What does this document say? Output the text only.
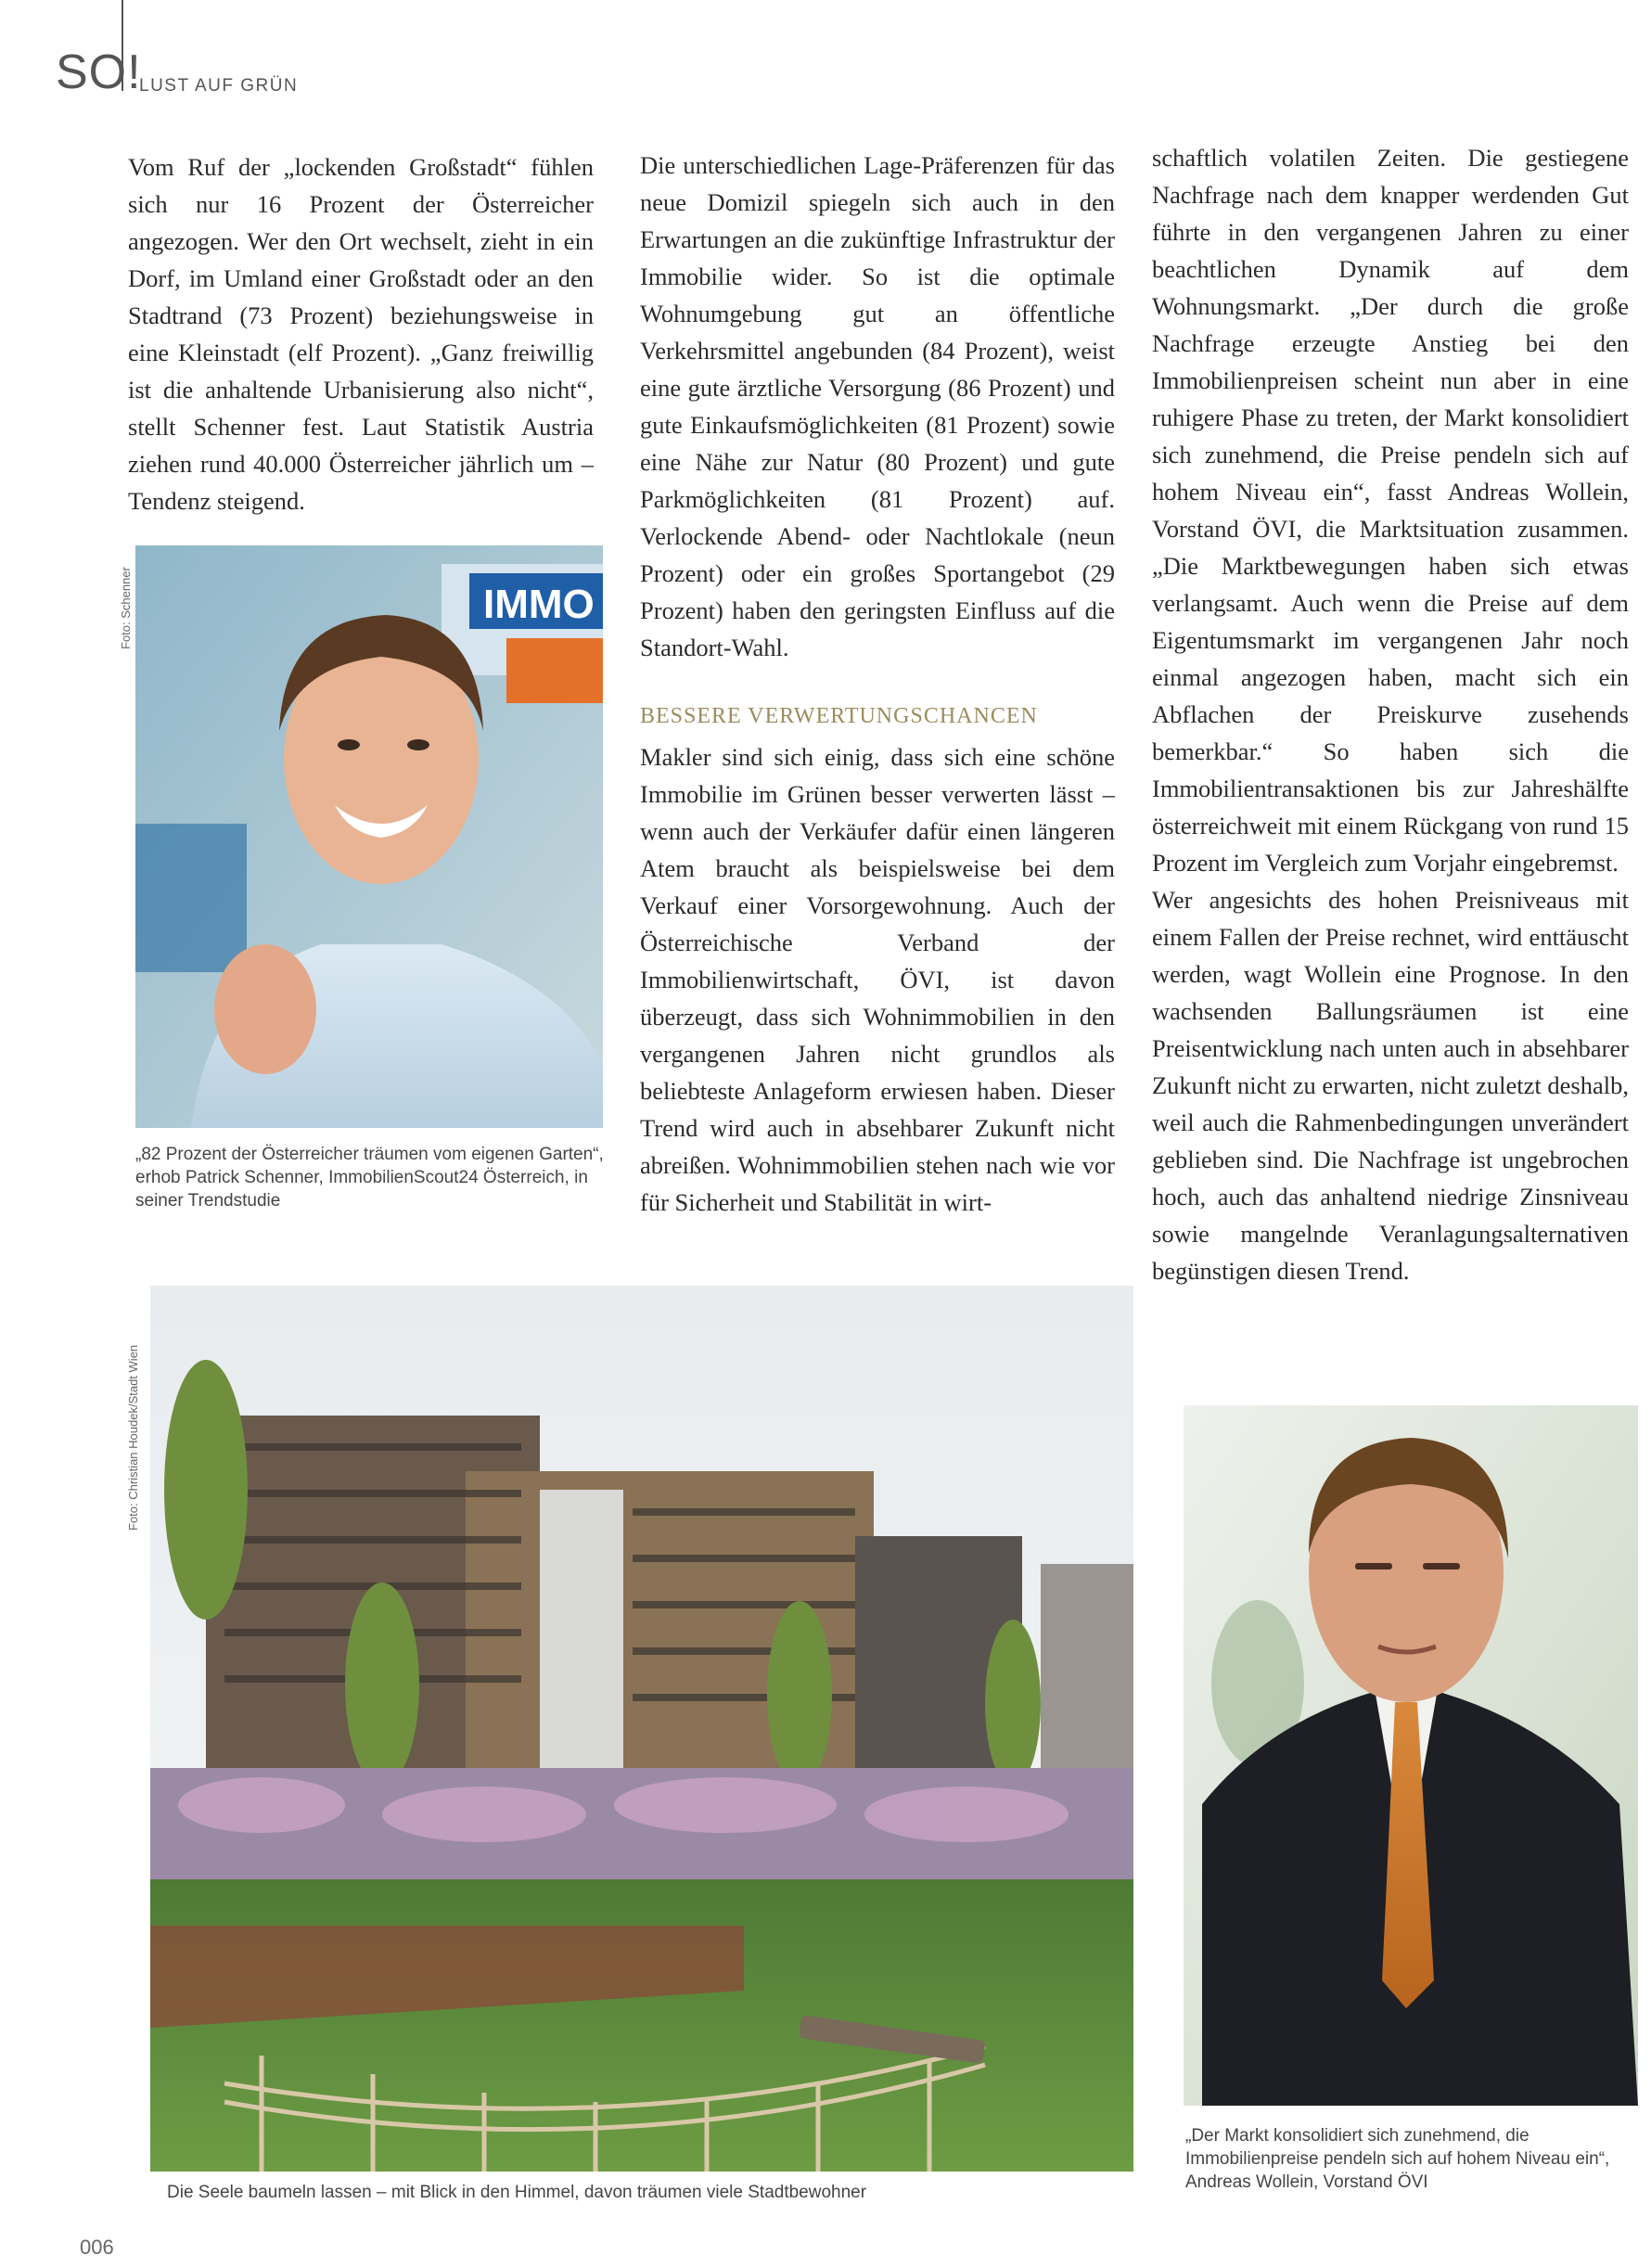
SO!
LUST AUF GRÜN

Vom Ruf der „lockenden Großstadt“ fühlen sich nur 16 Prozent der Österreicher angezogen. Wer den Ort wechselt, zieht in ein Dorf, im Umland einer Großstadt oder an den Stadtrand (73 Prozent) beziehungsweise in eine Kleinstadt (elf Prozent). „Ganz freiwillig ist die anhaltende Urbanisierung also nicht“, stellt Schenner fest. Laut Statistik Austria ziehen rund 40.000 Österreicher jährlich um – Tendenz steigend.

Die unterschiedlichen Lage-Präferenzen für das neue Domizil spiegeln sich auch in den Erwartungen an die zukünftige Infrastruktur der Immobilie wider. So ist die optimale Wohnumgebung gut an öffentliche Verkehrsmittel angebunden (84 Prozent), weist eine gute ärztliche Versorgung (86 Prozent) und gute Einkaufsmöglichkeiten (81 Prozent) sowie eine Nähe zur Natur (80 Prozent) und gute Parkmöglichkeiten (81 Prozent) auf. Verlockende Abend- oder Nachtlokale (neun Prozent) oder ein großes Sportangebot (29 Prozent) haben den geringsten Einfluss auf die Standort-Wahl.

BESSERE VERWERTUNGSCHANCEN

Makler sind sich einig, dass sich eine schöne Immobilie im Grünen besser verwerten lässt – wenn auch der Verkäufer dafür einen längeren Atem braucht als beispielsweise bei dem Verkauf einer Vorsorgewohnung. Auch der Österreichische Verband der Immobilienwirtschaft, ÖVI, ist davon überzeugt, dass sich Wohnimmobilien in den vergangenen Jahren nicht grundlos als beliebteste Anlageform erwiesen haben. Dieser Trend wird auch in absehbarer Zukunft nicht abreißen. Wohnimmobilien stehen nach wie vor für Sicherheit und Stabilität in wirt-

schaftlich volatilen Zeiten. Die gestiegene Nachfrage nach dem knapper werdenden Gut führte in den vergangenen Jahren zu einer beachtlichen Dynamik auf dem Wohnungsmarkt. „Der durch die große Nachfrage erzeugte Anstieg bei den Immobilienpreisen scheint nun aber in eine ruhigere Phase zu treten, der Markt konsolidiert sich zunehmend, die Preise pendeln sich auf hohem Niveau ein“, fasst Andreas Wollein, Vorstand ÖVI, die Marktsituation zusammen. „Die Marktbewegungen haben sich etwas verlangsamt. Auch wenn die Preise auf dem Eigentumsmarkt im vergangenen Jahr noch einmal angezogen haben, macht sich ein Abflachen der Preiskurve zusehends bemerkbar.“ So haben sich die Immobilientransaktionen bis zur Jahreshälfte österreichweit mit einem Rückgang von rund 15 Prozent im Vergleich zum Vorjahr eingebremst.

Wer angesichts des hohen Preisniveaus mit einem Fallen der Preise rechnet, wird enttäuscht werden, wagt Wollein eine Prognose. In den wachsenden Ballungsräumen ist eine Preisentwicklung nach unten auch in absehbarer Zukunft nicht zu erwarten, nicht zuletzt deshalb, weil auch die Rahmenbedingungen unverändert geblieben sind. Die Nachfrage ist ungebrochen hoch, auch das anhaltend niedrige Zinsniveau sowie mangelnde Veranlagungsalternativen begünstigen diesen Trend.

Foto: Schenner	IMMO
„82 Prozent der Österreicher träumen vom eigenen Garten“, erhob Patrick Schenner, ImmobilienScout24 Österreich, in seiner Trendstudie
Foto: Christian Houdek/Stadt Wien
Die Seele baumeln lassen – mit Blick in den Himmel, davon träumen viele Stadtbewohner
„Der Markt konsolidiert sich zunehmend, die Immobilienpreise pendeln sich auf hohem Niveau ein“, Andreas Wollein, Vorstand ÖVI
006
